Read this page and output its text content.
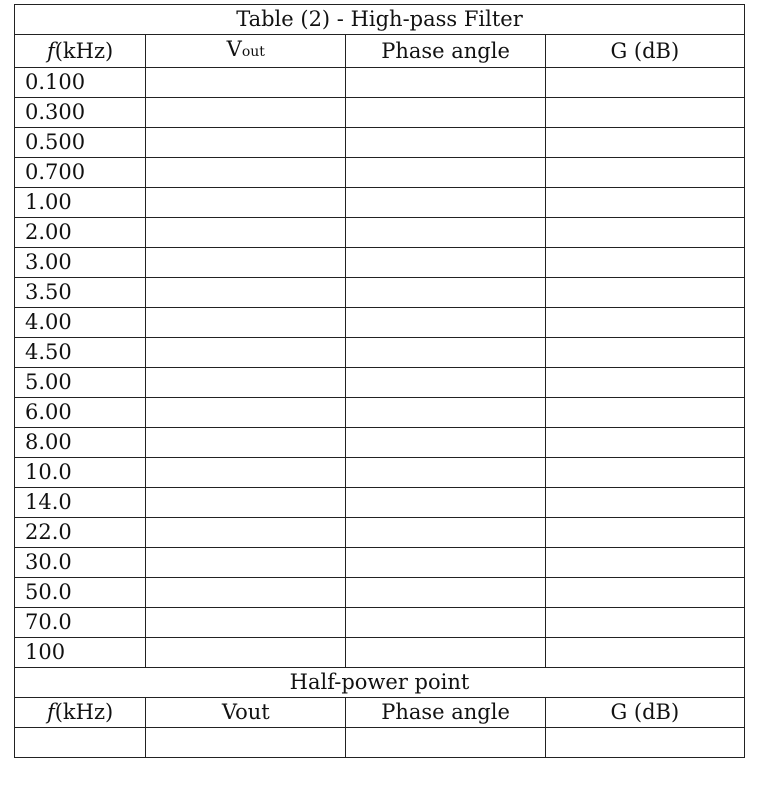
Table (2) - High-pass Filter			
f(kHz)	Vout	Phase angle	G (dB)
0.100			
0.300			
0.500			
0.700			
1.00			
2.00			
3.00			
3.50			
4.00			
4.50			
5.00			
6.00			
8.00			
10.0			
14.0			
22.0			
30.0			
50.0			
70.0			
100			
Half-power point			
f(kHz)	Vout	Phase angle	G (dB)
